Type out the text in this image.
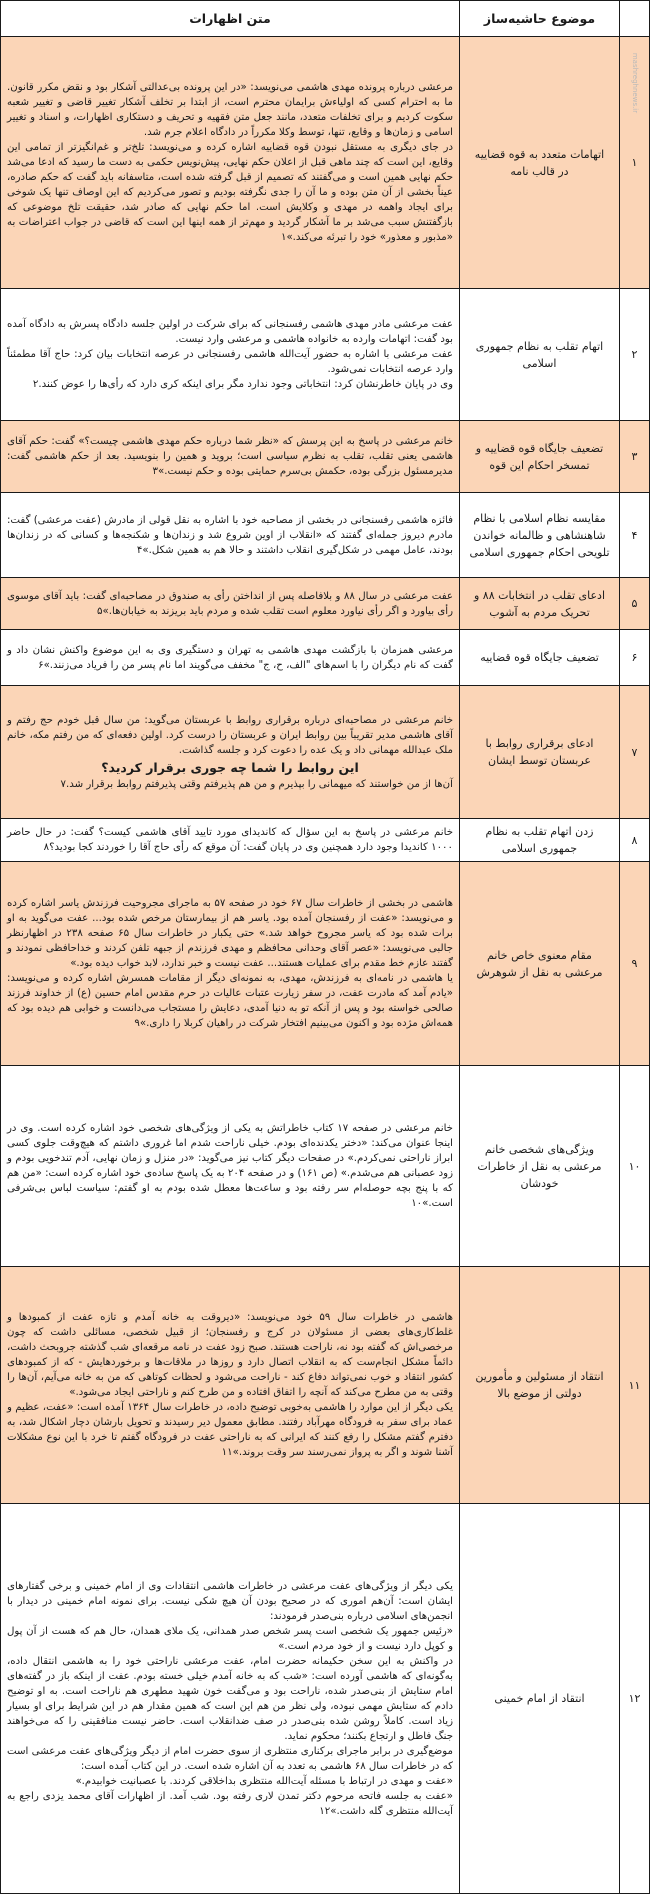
موضوع حاشیه‌ساز
متن اظهارات
۱
mashreghnews.ir
اتهامات متعدد به قوه قضاییه در قالب نامه

مرعشی درباره پرونده مهدی هاشمی می‌نویسد: «در این پرونده بی‌عدالتی آشکار بود و نقض مکرر قانون. ما به احترام کسی که اولیاءش برایمان محترم است، از ابتدا بر تخلف آشکار تغییر قاضی و تغییر شعبه سکوت کردیم و برای تخلفات متعدد، مانند جعل متن فقهیه و تحریف و دستکاری اظهارات، و اسناد و تغییر اسامی و زمان‌ها و وقایع، تنها، توسط وکلا مکرراً در دادگاه اعلام جرم شد.

در جای دیگری به مستقل نبودن قوه قضاییه اشاره کرده و می‌نویسد: تلخ‌تر و غم‌انگیزتر از تمامی این وقایع، این است که چند ماهی قبل از اعلان حکم نهایی، پیش‌نویس حکمی به دست ما رسید که ادعا می‌شد حکم نهایی همین است و می‌گفتند که تصمیم از قبل گرفته شده است، متاسفانه باید گفت که حکم صادره، عیناً بخشی از آن متن بوده و ما آن را جدی نگرفته بودیم و تصور می‌کردیم که این اوصاف تنها یک شوخی برای ایجاد واهمه در مهدی و وکلایش است. اما حکم نهایی که صادر شد، حقیقت تلخ موضوعی که بازگفتنش سبب می‌شد بر ما آشکار گردید و مهم‌تر از همه اینها این است که قاضی در جواب اعتراضات به «مذبور و معذور» خود را تبرئه می‌کند.»۱

۲
اتهام تقلب به نظام جمهوری اسلامی

عفت مرعشی مادر مهدی هاشمی رفسنجانی که برای شرکت در اولین جلسه دادگاه پسرش به دادگاه آمده بود گفت: اتهامات وارده به خانواده هاشمی و مرعشی وارد نیست.

عفت مرعشی با اشاره به حضور آیت‌الله هاشمی رفسنجانی در عرصه انتخابات بیان کرد: حاج آقا مطمئناً وارد عرصه انتخابات نمی‌شود.

وی در پایان خاطرنشان کرد: انتخاباتی وجود ندارد مگر برای اینکه کری دارد که رأی‌ها را عوض کنند.۲

۳
تضعیف جایگاه قوه قضاییه و تمسخر احکام این قوه

خانم مرعشی در پاسخ به این پرسش که «نظر شما درباره حکم مهدی هاشمی چیست؟» گفت: حکم آقای هاشمی یعنی تقلب، تقلب به نظرم سیاسی است؛ بروید و همین را بنویسید. بعد از حکم هاشمی گفت: مدیرمسئول بزرگی بوده، حکمش بی‌سرم حمایتی بوده و حکم نیست.»۳

۴
مقایسه نظام اسلامی با نظام شاهنشاهی و ظالمانه خواندن تلویحی احکام جمهوری اسلامی

فائزه هاشمی رفسنجانی در بخشی از مصاحبه خود با اشاره به نقل قولی از مادرش (عفت مرعشی) گفت: مادرم دیروز جمله‌ای گفتند که «انقلاب از اوین شروع شد و زندان‌ها و شکنجه‌ها و کسانی که در زندان‌ها بودند، عامل مهمی در شکل‌گیری انقلاب داشتند و حالا هم به همین شکل.»۴

۵
ادعای تقلب در انتخابات ۸۸ و تحریک مردم به آشوب

عفت مرعشی در سال ۸۸ و بلافاصله پس از انداختن رأی به صندوق در مصاحبه‌ای گفت: باید آقای موسوی رأی بیاورد و اگر رأی نیاورد معلوم است تقلب شده و مردم باید بریزند به خیابان‌ها.»۵

۶
تضعیف جایگاه قوه قضاییه

مرعشی همزمان با بازگشت مهدی هاشمی به تهران و دستگیری وی به این موضوع واکنش نشان داد و گفت که نام دیگران را با اسم‌های "الف، ح، ج" مخفف می‌گویند اما نام پسر من را فریاد می‌زنند.»۶

۷
ادعای برقراری روابط با عربستان توسط ایشان

خانم مرعشی در مصاحبه‌ای درباره برقراری روابط با عربستان می‌گوید: من سال قبل خودم حج رفتم و آقای هاشمی مدیر تقریباً بین روابط ایران و عربستان را درست کرد. اولین دفعه‌ای که من رفتم مکه، خانم ملک عبدالله مهمانی داد و یک عده را دعوت کرد و جلسه گذاشت.

این روابط را شما چه جوری برقرار کردید؟

آن‌ها از من خواستند که میهمانی را بپذیرم و من هم پذیرفتم وقتی پذیرفتم روابط برقرار شد.۷

۸
زدن اتهام تقلب به نظام جمهوری اسلامی

خانم مرعشی در پاسخ به این سؤال که کاندیدای مورد تایید آقای هاشمی کیست؟ گفت: در حال حاضر ۱۰۰۰ کاندیدا وجود دارد همچنین وی در پایان گفت: آن موقع که رأی حاج آقا را خوردند کجا بودید؟۸

۹
مقام معنوی خاص خانم مرعشی به نقل از شوهرش

هاشمی در بخشی از خاطرات سال ۶۷ خود در صفحه ۵۷ به ماجرای مجروحیت فرزندش یاسر اشاره کرده و می‌نویسد: «عفت از رفسنجان آمده بود. یاسر هم از بیمارستان مرخص شده بود... عفت می‌گوید به او برات شده بود که یاسر مجروح خواهد شد.» حتی یکبار در خاطرات سال ۶۵ صفحه ۲۳۸ در اظهارنظر جالبی می‌نویسد: «عصر آقای وحدانی محافظم و مهدی فرزندم از جبهه تلفن کردند و خداحافظی نمودند و گفتند عازم خط مقدم برای عملیات هستند... عفت نیست و خبر ندارد، لابد خواب دیده بود.»

یا هاشمی در نامه‌ای به فرزندش، مهدی، به نمونه‌ای دیگر از مقامات همسرش اشاره کرده و می‌نویسد: «یادم آمد که مادرت عفت، در سفر زیارت عتبات عالیات در حرم مقدس امام حسین (ع) از خداوند فرزند صالحی خواسته بود و پس از آنکه تو به دنیا آمدی، دعایش را مستجاب می‌دانست و خوابی هم دیده بود که همه‌اش مژده بود و اکنون می‌بینیم افتخار شرکت در راهیان کربلا را داری.»۹

۱۰
ویژگی‌های شخصی خانم مرعشی به نقل از خاطرات خودشان

خانم مرعشی در صفحه ۱۷ کتاب خاطراتش به یکی از ویژگی‌های شخصی خود اشاره کرده است. وی در اینجا عنوان می‌کند: «دختر یکدنده‌ای بودم. خیلی ناراحت شدم اما غروری داشتم که هیچ‌وقت جلوی کسی ابراز ناراحتی نمی‌کردم.» در صفحات دیگر کتاب نیز می‌گوید: «در منزل و زمان نهایی، آدم تندخویی بودم و زود عصبانی هم می‌شدم.» (ص ۱۶۱) و در صفحه ۲۰۴ به یک پاسخ ساده‌ی خود اشاره کرده است: «من هم که با پنج بچه حوصله‌ام سر رفته بود و ساعت‌ها معطل شده بودم به او گفتم: سیاست لباس بی‌شرفی است.»۱۰

۱۱
انتقاد از مسئولین و مأمورین دولتی از موضع بالا

هاشمی در خاطرات سال ۵۹ خود می‌نویسد: «دیروقت به خانه آمدم و تازه عفت از کمبودها و غلط‌کاری‌های بعضی از مسئولان در کرج و رفسنجان؛ از قبیل شخصی، مسائلی داشت که چون مرخصی‌اش که گفته بود نه، ناراحت هستند. صبح زود عفت در نامه مرقعه‌ای شب گذشته جروبحث داشت، دائماً مشکل انجام‌ست که به انقلاب اتصال دارد و روزها در ملاقات‌ها و برخوردهایش - که از کمبودهای کشور انتقاد و خوب نمی‌تواند دفاع کند - ناراحت می‌شود و لحظات کوتاهی که من به خانه می‌آیم، آن‌ها را وقتی به من مطرح می‌کند که آنچه را اتفاق افتاده و من طرح کنم و ناراحتی ایجاد می‌شود.»

یکی دیگر از این موارد را هاشمی به‌خوبی توضیح داده، در خاطرات سال ۱۳۶۴ آمده است: «عفت، عظیم و عماد برای سفر به فرودگاه مهرآباد رفتند. مطابق معمول دیر رسیدند و تحویل بارشان دچار اشکال شد، به دفترم گفتم مشکل را رفع کنند که ایرانی که به ناراحتی عفت در فرودگاه گفتم تا خرد با این نوع مشکلات آشنا شوند و اگر به پرواز نمی‌رسند سر وقت بروند.»۱۱

۱۲
انتقاد از امام خمینی

یکی دیگر از ویژگی‌های عفت مرعشی در خاطرات هاشمی انتقادات وی از امام خمینی و برخی گفتارهای ایشان است: آن‌هم اموری که در صحیح بودن آن هیچ شکی نیست. برای نمونه امام خمینی در دیدار با انجمن‌های اسلامی درباره بنی‌صدر فرمودند:

«رئیس جمهور یک شخصی است پسر شخص صدر همدانی، یک ملای همدان، حال هم که هست از آن پول و کوپل دارد نیست و از خود مردم است.»

در واکنش به این سخن حکیمانه حضرت امام، عفت مرعشی ناراحتی خود را به هاشمی انتقال داده، به‌گونه‌ای که هاشمی آورده است: «شب که به خانه آمدم خیلی خسته بودم. عفت از اینکه باز در گفته‌های امام ستایش از بنی‌صدر شده، ناراحت بود و می‌گفت خون شهید مطهری هم ناراحت است. به او توضیح دادم که ستایش مهمی نبوده، ولی نظر من هم این است که همین مقدار هم در این شرایط برای او بسیار زیاد است. کاملاً روشن شده بنی‌صدر در صف ضدانقلاب است. حاضر نیست منافقینی را که می‌خواهند جنگ فاطل و ارتجاع بکنند؛ محکوم نماید.

موضع‌گیری در برابر ماجرای برکناری منتظری از سوی حضرت امام از دیگر ویژگی‌های عفت مرعشی است که در خاطرات سال ۶۸ هاشمی به تعدد به آن اشاره شده است. در این کتاب آمده است:

«عفت و مهدی در ارتباط با مسئله آیت‌الله منتظری بداخلاقی کردند. با عصبانیت خوابیدم.»

«عفت به جلسه فاتحه مرحوم دکتر تمدن لاری رفته بود. شب آمد. از اظهارات آقای محمد یزدی راجع به آیت‌الله منتظری گله داشت.»۱۲
